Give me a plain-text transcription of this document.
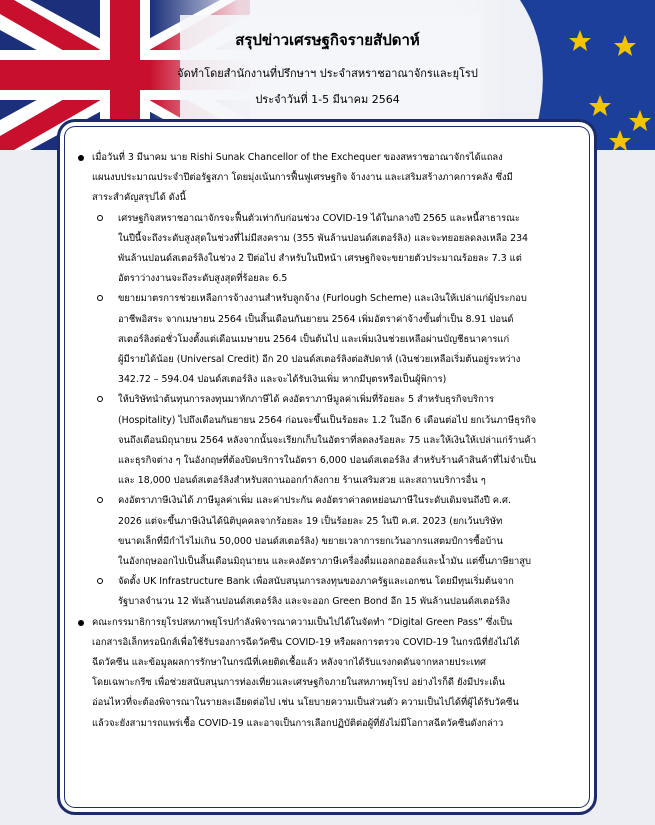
สรุปข่าวเศรษฐกิจรายสัปดาห์
จัดทำโดยสำนักงานที่ปรึกษาฯ ประจำสหราชอาณาจักรและยุโรป
ประจำวันที่ 1-5 มีนาคม 2564
เมื่อวันที่ 3 มีนาคม นาย Rishi Sunak Chancellor of the Exchequer ของสหราชอาณาจักรได้แถลง
แผนงบประมาณประจำปีต่อรัฐสภา โดยมุ่งเน้นการฟื้นฟูเศรษฐกิจ จ้างงาน และเสริมสร้างภาคการคลัง ซึ่งมี
สาระสำคัญสรุปได้ ดังนี้
เศรษฐกิจสหราชอาณาจักรจะฟื้นตัวเท่ากับก่อนช่วง COVID-19 ได้ในกลางปี 2565 และหนี้สาธารณะ
ในปีนี้จะถึงระดับสูงสุดในช่วงที่ไม่มีสงคราม (355 พันล้านปอนด์สเตอร์ลิง) และจะทยอยลดลงเหลือ 234
พันล้านปอนด์สเตอร์ลิงในช่วง 2 ปีต่อไป สำหรับในปีหน้า เศรษฐกิจจะขยายตัวประมาณร้อยละ 7.3 แต่
อัตราว่างงานจะถึงระดับสูงสุดที่ร้อยละ 6.5
ขยายมาตรการช่วยเหลือการจ้างงานสำหรับลูกจ้าง (Furlough Scheme) และเงินให้เปล่าแก่ผู้ประกอบ
อาชีพอิสระ จากเมษายน 2564 เป็นสิ้นเดือนกันยายน 2564 เพิ่มอัตราค่าจ้างขั้นต่ำเป็น 8.91 ปอนด์
สเตอร์ลิงต่อชั่วโมงตั้งแต่เดือนเมษายน 2564 เป็นต้นไป และเพิ่มเงินช่วยเหลือผ่านบัญชีธนาคารแก่
ผู้มีรายได้น้อย (Universal Credit) อีก 20 ปอนด์สเตอร์ลิงต่อสัปดาห์ (เงินช่วยเหลือเริ่มต้นอยู่ระหว่าง
342.72 – 594.04 ปอนด์สเตอร์ลิง และจะได้รับเงินเพิ่ม หากมีบุตรหรือเป็นผู้พิการ)
ให้บริษัทนำต้นทุนการลงทุนมาหักภาษีได้ คงอัตราภาษีมูลค่าเพิ่มที่ร้อยละ 5 สำหรับธุรกิจบริการ
(Hospitality) ไปถึงเดือนกันยายน 2564 ก่อนจะขึ้นเป็นร้อยละ 1.2 ในอีก 6 เดือนต่อไป ยกเว้นภาษีธุรกิจ
จนถึงเดือนมิถุนายน 2564 หลังจากนั้นจะเรียกเก็บในอัตราที่ลดลงร้อยละ 75 และให้เงินให้เปล่าแก่ร้านค้า
และธุรกิจต่าง ๆ ในอังกฤษที่ต้องปิดบริการในอัตรา 6,000 ปอนด์สเตอร์ลิง สำหรับร้านค้าสินค้าที่ไม่จำเป็น
และ 18,000 ปอนด์สเตอร์ลิงสำหรับสถานออกกำลังกาย ร้านเสริมสวย และสถานบริการอื่น ๆ
คงอัตราภาษีเงินได้ ภาษีมูลค่าเพิ่ม และค่าประกัน คงอัตราค่าลดหย่อนภาษีในระดับเดิมจนถึงปี ค.ศ.
2026 แต่จะขึ้นภาษีเงินได้นิติบุคคลจากร้อยละ 19 เป็นร้อยละ 25 ในปี ค.ศ. 2023 (ยกเว้นบริษัท
ขนาดเล็กที่มีกำไรไม่เกิน 50,000 ปอนด์สเตอร์ลิง) ขยายเวลาการยกเว้นอากรแสตมป์การซื้อบ้าน
ในอังกฤษออกไปเป็นสิ้นเดือนมิถุนายน และคงอัตราภาษีเครื่องดื่มแอลกอฮอล์และน้ำมัน แต่ขึ้นภาษียาสูบ
จัดตั้ง UK Infrastructure Bank เพื่อสนับสนุนการลงทุนของภาครัฐและเอกชน โดยมีทุนเริ่มต้นจาก
รัฐบาลจำนวน 12 พันล้านปอนด์สเตอร์ลิง และจะออก Green Bond อีก 15 พันล้านปอนด์สเตอร์ลิง
คณะกรรมาธิการยุโรปสหภาพยุโรปกำลังพิจารณาความเป็นไปได้ในจัดทำ “Digital Green Pass” ซึ่งเป็น
เอกสารอิเล็กทรอนิกส์เพื่อใช้รับรองการฉีดวัคซีน COVID-19 หรือผลการตรวจ COVID-19 ในกรณีที่ยังไม่ได้
ฉีดวัคซีน และข้อมูลผลการรักษาในกรณีที่เคยติดเชื้อแล้ว หลังจากได้รับแรงกดดันจากหลายประเทศ
โดยเฉพาะกรีซ เพื่อช่วยสนับสนุนการท่องเที่ยวและเศรษฐกิจภายในสหภาพยุโรป อย่างไรก็ดี ยังมีประเด็น
อ่อนไหวที่จะต้องพิจารณาในรายละเอียดต่อไป เช่น นโยบายความเป็นส่วนตัว ความเป็นไปได้ที่ผู้ได้รับวัคซีน
แล้วจะยังสามารถแพร่เชื้อ COVID-19 และอาจเป็นการเลือกปฏิบัติต่อผู้ที่ยังไม่มีโอกาสฉีดวัคซีนดังกล่าว
